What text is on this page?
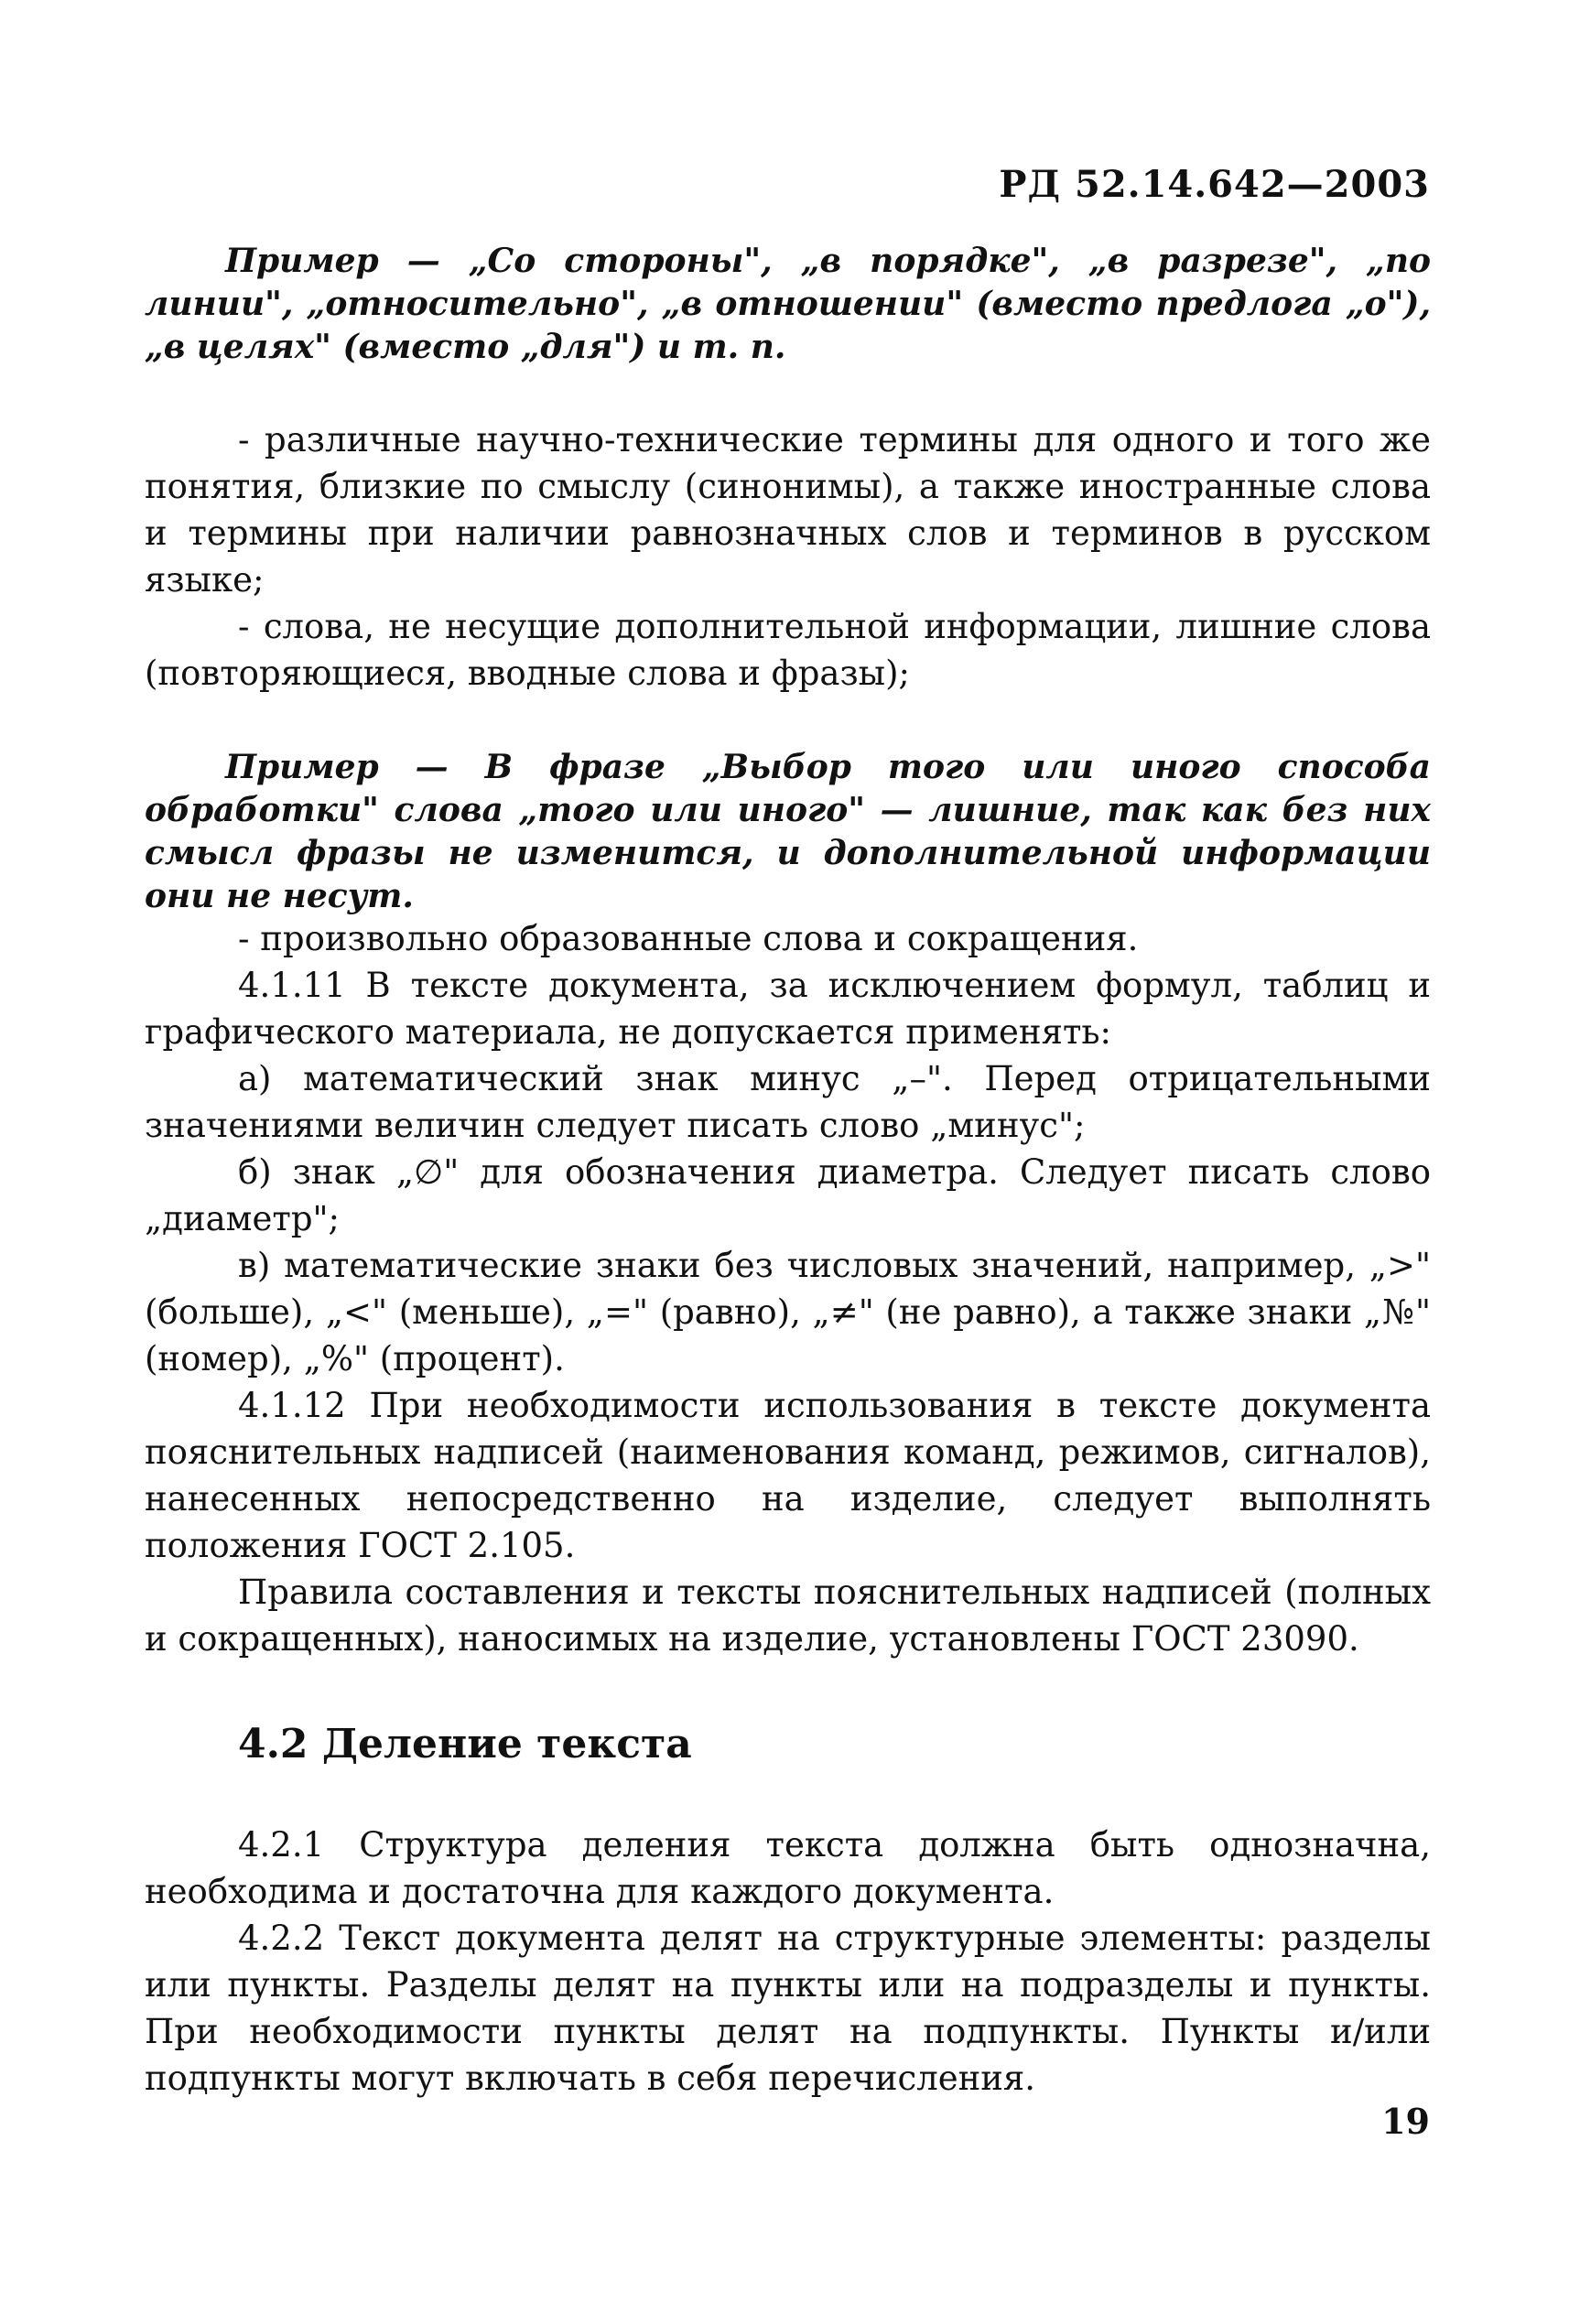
РД 52.14.642—2003

Пример — „Со стороны", „в порядке", „в разрезе", „по линии", „относительно", „в отношении" (вместо предлога „о"), „в целях" (вместо „для") и т. п.

- различные научно-технические термины для одного и того же понятия, близкие по смыслу (синонимы), а также иностранные слова и термины при наличии равнозначных слов и терминов в русском языке;

- слова, не несущие дополнительной информации, лишние слова (повторяющиеся, вводные слова и фразы);

Пример — В фразе „Выбор того или иного способа обработки" слова „того или иного" — лишние, так как без них смысл фразы не изменится, и дополнительной информации они не несут.

- произвольно образованные слова и сокращения.

4.1.11 В тексте документа, за исключением формул, таблиц и графического материала, не допускается применять:

а) математический знак минус „–". Перед отрицательными значениями величин следует писать слово „минус";

б) знак „∅" для обозначения диаметра. Следует писать слово „диаметр";

в) математические знаки без числовых значений, например, „>" (больше), „<" (меньше), „=" (равно), „≠" (не равно), а также знаки „№" (номер), „%" (процент).

4.1.12 При необходимости использования в тексте документа пояснительных надписей (наименования команд, режимов, сигналов), нанесенных непосредственно на изделие, следует выполнять положения ГОСТ 2.105.

Правила составления и тексты пояснительных надписей (полных и сокращенных), наносимых на изделие, установлены ГОСТ 23090.

4.2 Деление текста

4.2.1 Структура деления текста должна быть однозначна, необходима и достаточна для каждого документа.

4.2.2 Текст документа делят на структурные элементы: разделы или пункты. Разделы делят на пункты или на подразделы и пункты. При необходимости пункты делят на подпункты. Пункты и/или подпункты могут включать в себя перечисления.

19
